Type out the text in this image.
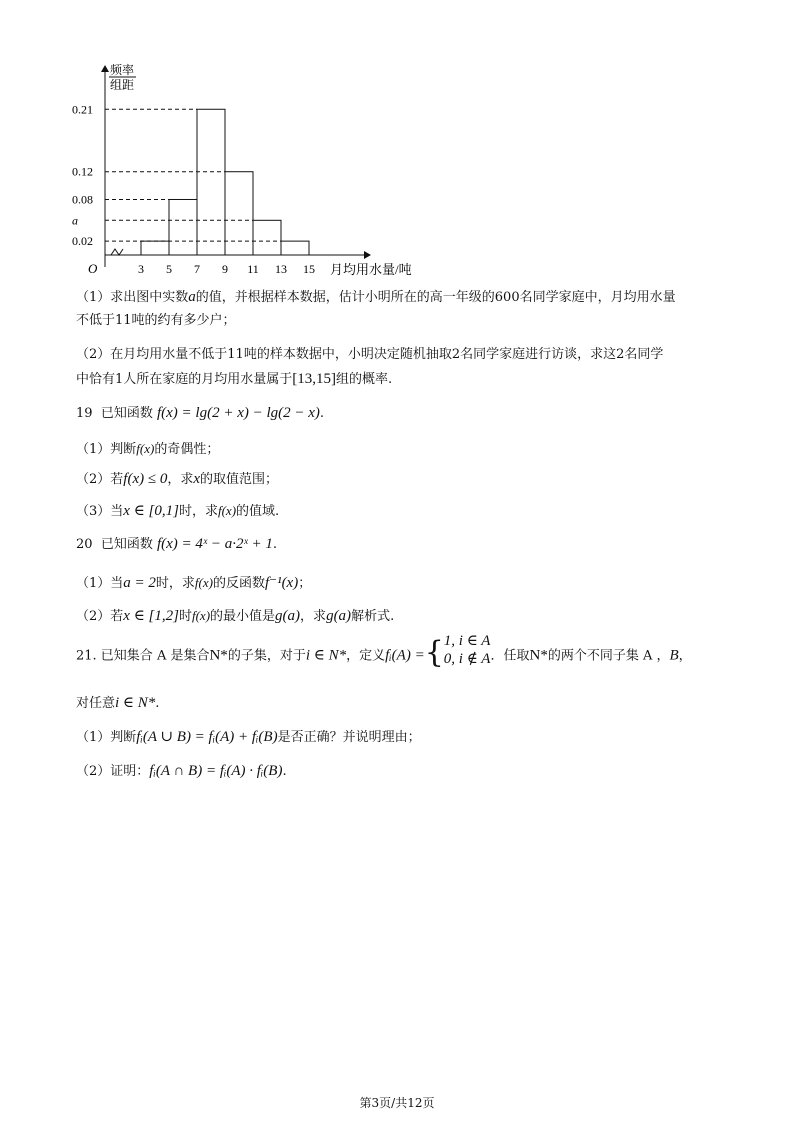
0.21
0.12
0.08
a
0.02
3 5 7 9 11 13 15
O	月均用水量/吨
频率
组距
（1）求出图中实数a的值，并根据样本数据，估计小明所在的高一年级的600名同学家庭中，月均用水量
不低于11吨的约有多少户；
（2）在月均用水量不低于11吨的样本数据中，小明决定随机抽取2名同学家庭进行访谈，求这2名同学
中恰有1人所在家庭的月均用水量属于[13,15]组的概率.
19 已知函数 f(x) = lg(2 + x) − lg(2 − x).
（1）判断f(x)的奇偶性；
（2）若f(x) ≤ 0，求x的取值范围；
（3）当x ∈ [0,1]时，求f(x)的值域.
20 已知函数 f(x) = 4ˣ − a·2ˣ + 1.
（1）当a = 2时，求f(x)的反函数f⁻¹(x)；
（2）若x ∈ [1,2]时f(x)的最小值是g(a)，求g(a)解析式.
21. 已知集合 A 是集合N*的子集，对于i ∈ N*，定义fᵢ(A) ={ 1, i ∈ A
0, i ∉ A ．任取N*的两个不同子集 A ，B，
对任意i ∈ N*.
（1）判断fᵢ(A ∪ B) = fᵢ(A) + fᵢ(B)是否正确？并说明理由；
（2）证明：fᵢ(A ∩ B) = fᵢ(A) · fᵢ(B).
第3页/共12页
